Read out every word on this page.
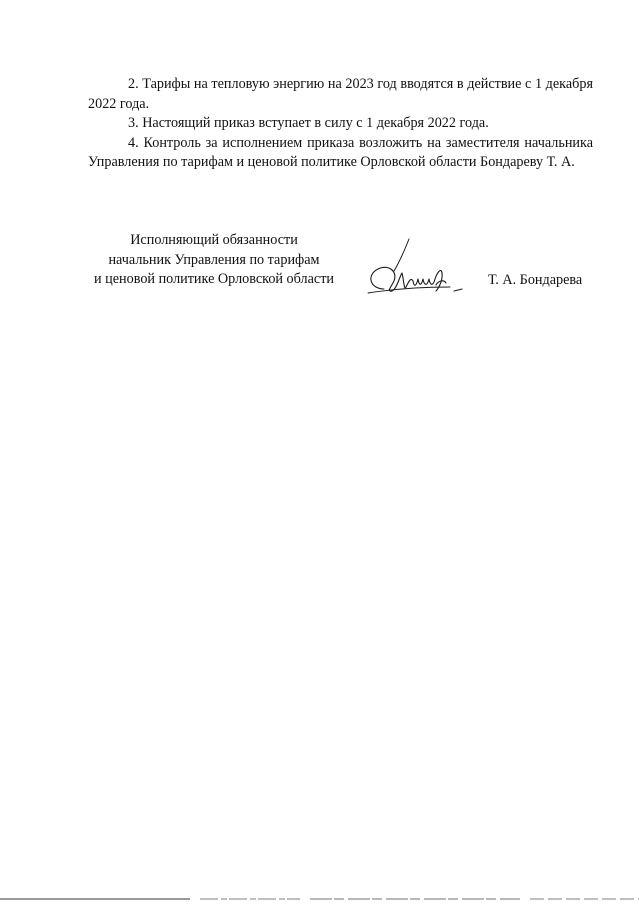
2. Тарифы на тепловую энергию на 2023 год вводятся в действие с 1 декабря 2022 года.

3. Настоящий приказ вступает в силу с 1 декабря 2022 года.

4. Контроль за исполнением приказа возложить на заместителя начальника Управления по тарифам и ценовой политике Орловской области Бондареву Т. А.

Исполняющий обязанности
начальник Управления по тарифам
и ценовой политике Орловской области	Т. А. Бондарева
